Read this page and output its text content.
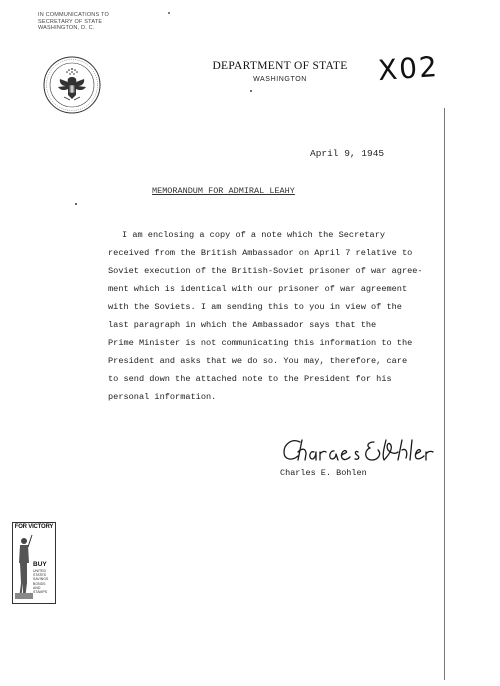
IN COMMUNICATIONS TO
SECRETARY OF STATE
WASHINGTON, D. C.
DEPARTMENT OF STATE
WASHINGTON	X02
April 9, 1945
MEMORANDUM FOR ADMIRAL LEAHY
I am enclosing a copy of a note which the Secretary
received from the British Ambassador on April 7 relative to
Soviet execution of the British-Soviet prisoner of war agree-
ment which is identical with our prisoner of war agreement
with the Soviets. I am sending this to you in view of the
last paragraph in which the Ambassador says that the
Prime Minister is not communicating this information to the
President and asks that we do so. You may, therefore, care
to send down the attached note to the President for his
personal information.
Charles E. Bohlen
FOR VICTORY
BUY
UNITED
STATES
SAVINGS
BONDS
AND
STAMPS
